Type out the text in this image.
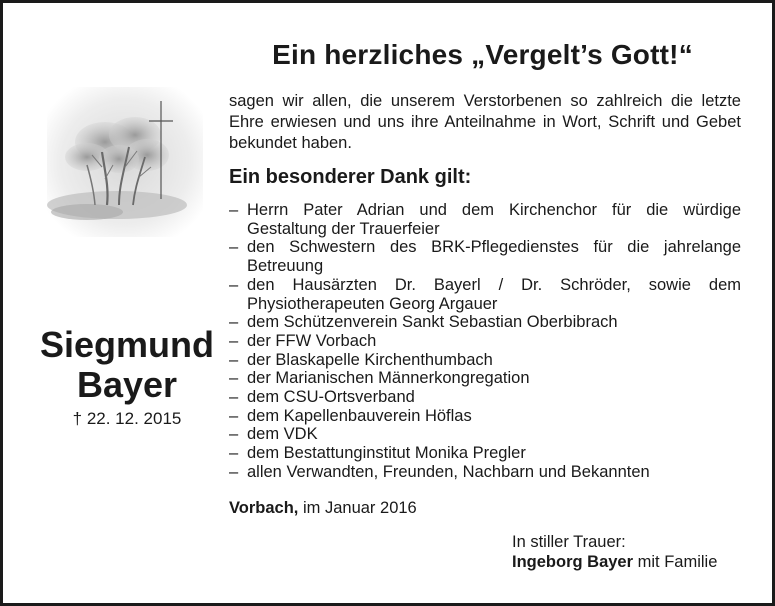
Ein herzliches „Vergelt’s Gott!“
Siegmund
Bayer
† 22. 12. 2015
sagen wir allen, die unserem Verstorbenen so zahlreich die letzte Ehre erwiesen und uns ihre Anteilnahme in Wort, Schrift und Gebet bekundet haben.
Ein besonderer Dank gilt:
– Herrn Pater Adrian und dem Kirchenchor für die würdige Gestaltung der Trauerfeier
– den Schwestern des BRK-Pflegedienstes für die jahrelange Betreuung
– den Hausärzten Dr. Bayerl / Dr. Schröder, sowie dem Physiotherapeuten Georg Argauer
– dem Schützenverein Sankt Sebastian Oberbibrach
– der FFW Vorbach
– der Blaskapelle Kirchenthumbach
– der Marianischen Männerkongregation
– dem CSU-Ortsverband
– dem Kapellenbauverein Höflas
– dem VDK
– dem Bestattunginstitut Monika Pregler
– allen Verwandten, Freunden, Nachbarn und Bekannten
Vorbach, im Januar 2016
In stiller Trauer:
Ingeborg Bayer mit Familie
